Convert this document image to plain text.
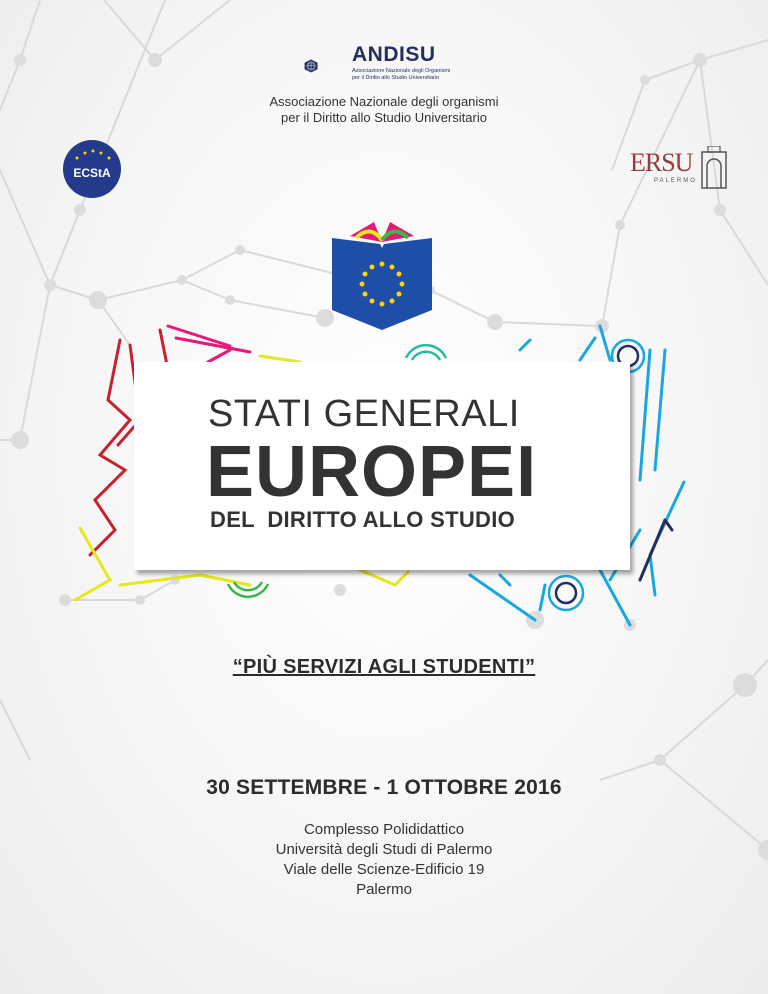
ANDISU
Associazione Nazionale degli Organismi
per il Diritto allo Studio Universitario
Associazione Nazionale degli organismi
per il Diritto allo Studio Universitario
ECStA	ERSU
PALERMO
STATI GENERALI
EUROPEI
DEL  DIRITTO ALLO STUDIO
“PIÙ SERVIZI AGLI STUDENTI”
30 SETTEMBRE - 1 OTTOBRE 2016
Complesso Polididattico
Università degli Studi di Palermo
Viale delle Scienze-Edificio 19
Palermo
